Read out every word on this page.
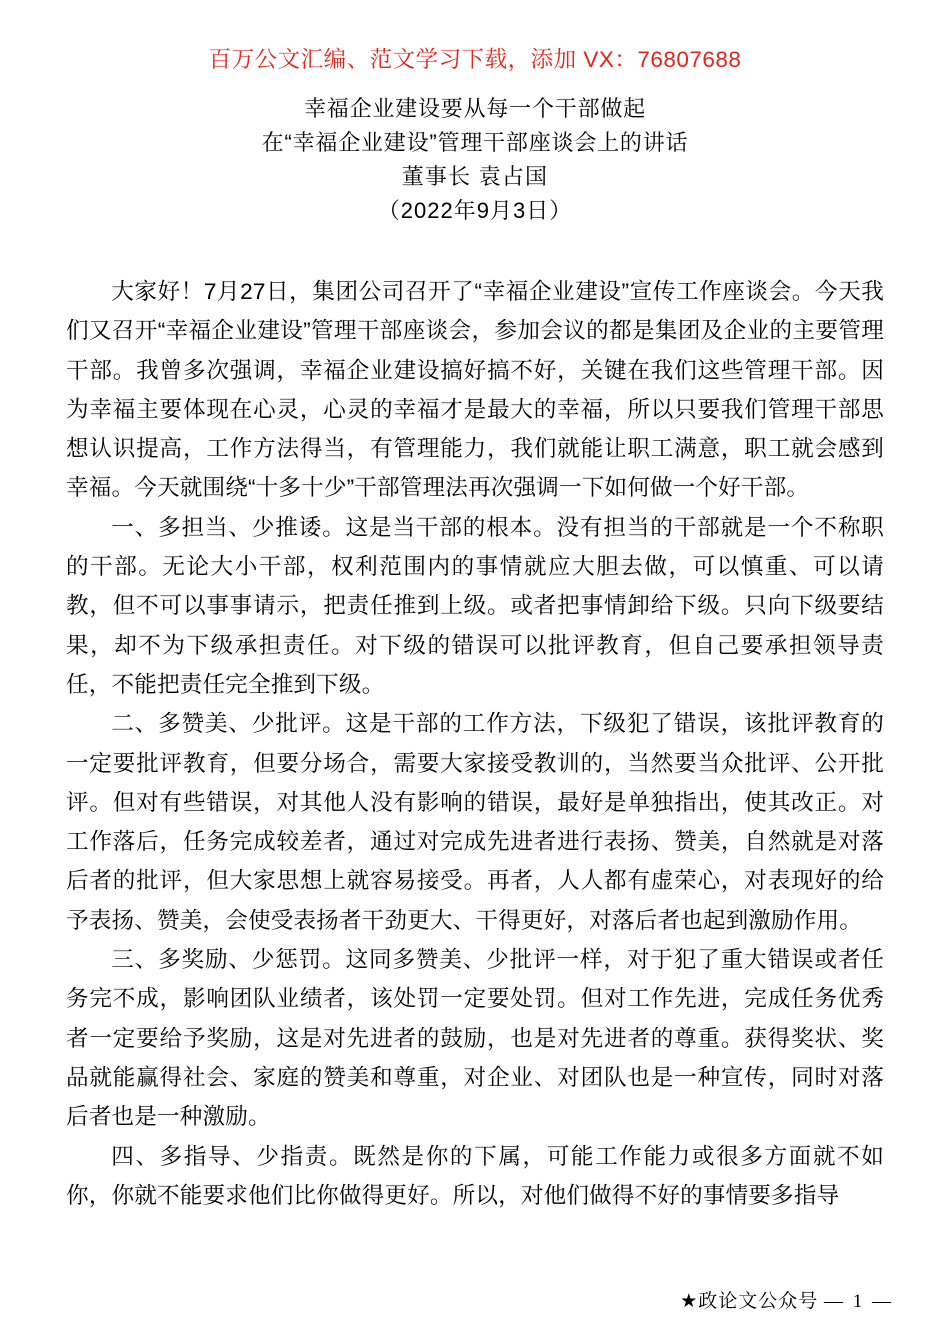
百万公文汇编、范文学习下载，添加 VX：76807688
幸福企业建设要从每一个干部做起
在“幸福企业建设”管理干部座谈会上的讲话
董事长 袁占国
（2022年9月3日）

大家好！7月27日，集团公司召开了“幸福企业建设”宣传工作座谈会。今天我们又召开“幸福企业建设”管理干部座谈会，参加会议的都是集团及企业的主要管理干部。我曾多次强调，幸福企业建设搞好搞不好，关键在我们这些管理干部。因为幸福主要体现在心灵，心灵的幸福才是最大的幸福，所以只要我们管理干部思想认识提高，工作方法得当，有管理能力，我们就能让职工满意，职工就会感到幸福。今天就围绕“十多十少”干部管理法再次强调一下如何做一个好干部。

一、多担当、少推诿。这是当干部的根本。没有担当的干部就是一个不称职的干部。无论大小干部，权利范围内的事情就应大胆去做，可以慎重、可以请教，但不可以事事请示，把责任推到上级。或者把事情卸给下级。只向下级要结果，却不为下级承担责任。对下级的错误可以批评教育，但自己要承担领导责任，不能把责任完全推到下级。

二、多赞美、少批评。这是干部的工作方法，下级犯了错误，该批评教育的一定要批评教育，但要分场合，需要大家接受教训的，当然要当众批评、公开批评。但对有些错误，对其他人没有影响的错误，最好是单独指出，使其改正。对工作落后，任务完成较差者，通过对完成先进者进行表扬、赞美，自然就是对落后者的批评，但大家思想上就容易接受。再者，人人都有虚荣心，对表现好的给予表扬、赞美，会使受表扬者干劲更大、干得更好，对落后者也起到激励作用。

三、多奖励、少惩罚。这同多赞美、少批评一样，对于犯了重大错误或者任务完不成，影响团队业绩者，该处罚一定要处罚。但对工作先进，完成任务优秀者一定要给予奖励，这是对先进者的鼓励，也是对先进者的尊重。获得奖状、奖品就能赢得社会、家庭的赞美和尊重，对企业、对团队也是一种宣传，同时对落后者也是一种激励。

四、多指导、少指责。既然是你的下属，可能工作能力或很多方面就不如你，你就不能要求他们比你做得更好。所以，对他们做得不好的事情要多指导

★政论文公众号 — 1 —
